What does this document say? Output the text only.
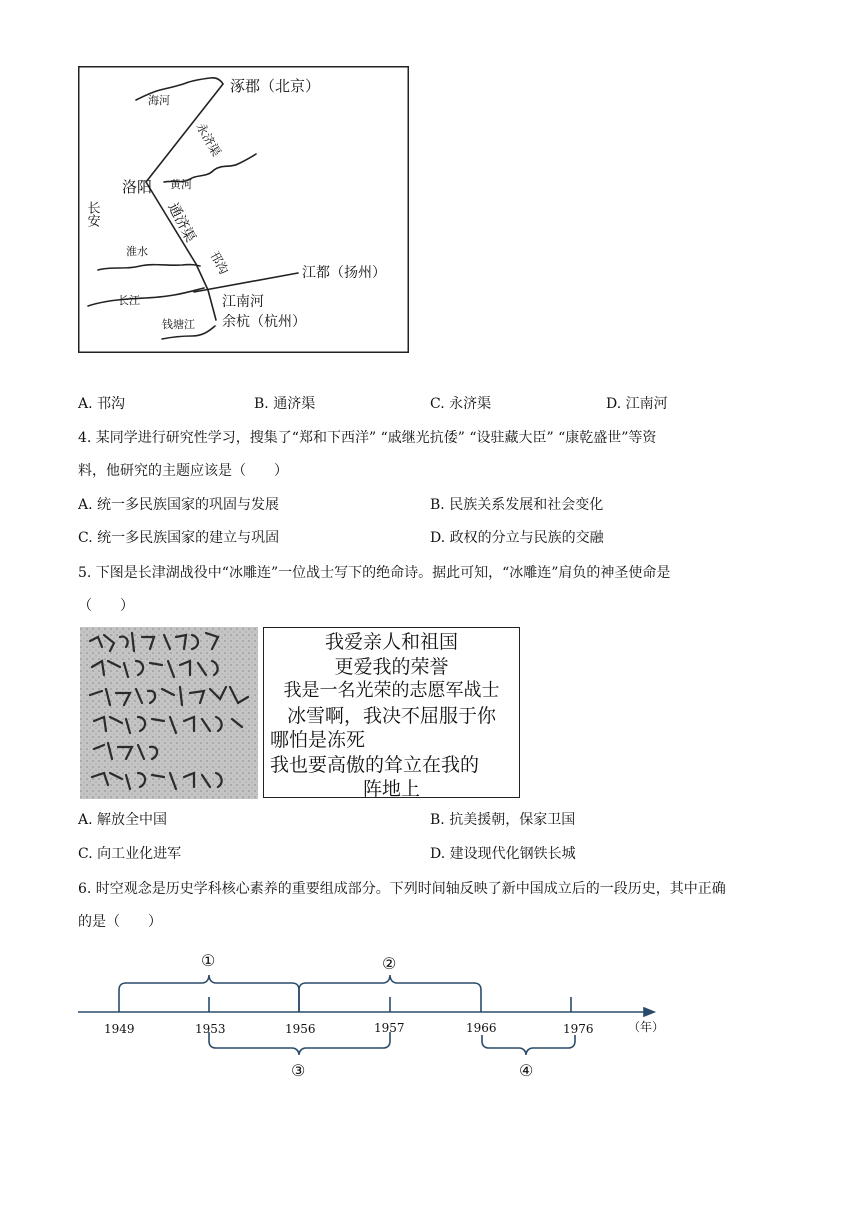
涿郡（北京）
海河
洛阳 黄河
淮水
江都（扬州）
长江	江南河
钱塘江 余杭（杭州）
长安
永济渠
通济渠
邗沟
A. 邗沟	B. 通济渠	C. 永济渠	D. 江南河
4. 某同学进行研究性学习，搜集了“郑和下西洋” “戚继光抗倭” “设驻藏大臣” “康乾盛世”等资
料，他研究的主题应该是（　　）
A. 统一多民族国家的巩固与发展	B. 民族关系发展和社会变化
C. 统一多民族国家的建立与巩固	D. 政权的分立与民族的交融
5. 下图是长津湖战役中“冰雕连”一位战士写下的绝命诗。据此可知，“冰雕连”肩负的神圣使命是
（　　）
我爱亲人和祖国
更爱我的荣誉
我是一名光荣的志愿军战士
冰雪啊，我决不屈服于你
哪怕是冻死
我也要高傲的耸立在我的
阵地上
A. 解放全中国	B. 抗美援朝，保家卫国
C. 向工业化进军	D. 建设现代化钢铁长城
6. 时空观念是历史学科核心素养的重要组成部分。下列时间轴反映了新中国成立后的一段历史，其中正确
的是（　　）
1949	1953	1956	1957	1966	1976	（年）
①	②
③	④
